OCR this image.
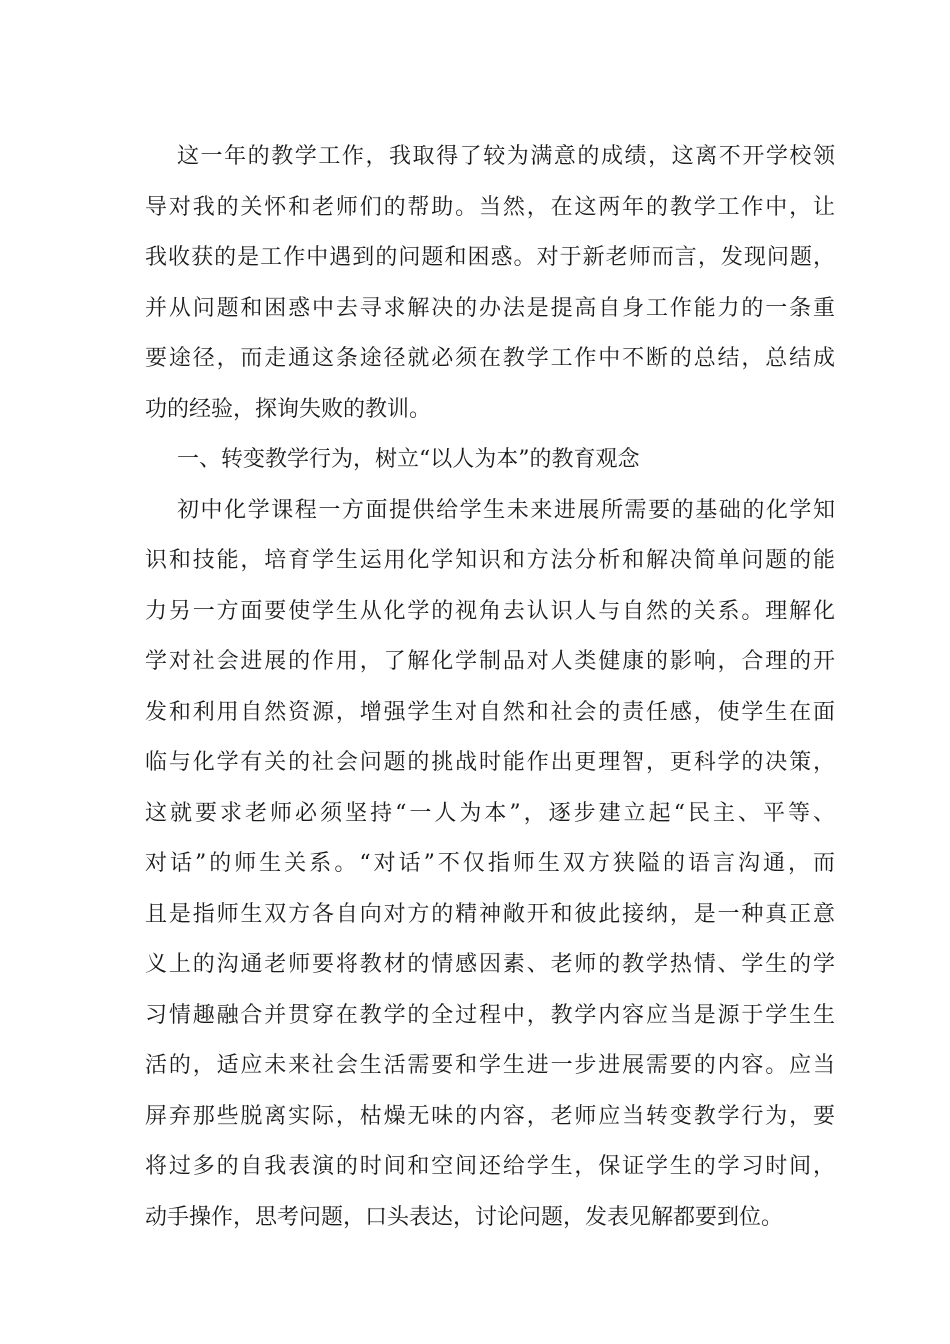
这一年的教学工作，我取得了较为满意的成绩，这离不开学校领
导对我的关怀和老师们的帮助。当然，在这两年的教学工作中，让
我收获的是工作中遇到的问题和困惑。对于新老师而言，发现问题，
并从问题和困惑中去寻求解决的办法是提高自身工作能力的一条重
要途径，而走通这条途径就必须在教学工作中不断的总结，总结成
功的经验，探询失败的教训。
一、转变教学行为，树立“以人为本”的教育观念
初中化学课程一方面提供给学生未来进展所需要的基础的化学知
识和技能，培育学生运用化学知识和方法分析和解决简单问题的能
力另一方面要使学生从化学的视角去认识人与自然的关系。理解化
学对社会进展的作用，了解化学制品对人类健康的影响，合理的开
发和利用自然资源，增强学生对自然和社会的责任感，使学生在面
临与化学有关的社会问题的挑战时能作出更理智，更科学的决策，
这就要求老师必须坚持“一人为本”，逐步建立起“民主、平等、
对话”的师生关系。“对话”不仅指师生双方狭隘的语言沟通，而
且是指师生双方各自向对方的精神敞开和彼此接纳，是一种真正意
义上的沟通老师要将教材的情感因素、老师的教学热情、学生的学
习情趣融合并贯穿在教学的全过程中，教学内容应当是源于学生生
活的，适应未来社会生活需要和学生进一步进展需要的内容。应当
屏弃那些脱离实际，枯燥无味的内容，老师应当转变教学行为，要
将过多的自我表演的时间和空间还给学生，保证学生的学习时间，
动手操作，思考问题，口头表达，讨论问题，发表见解都要到位。
